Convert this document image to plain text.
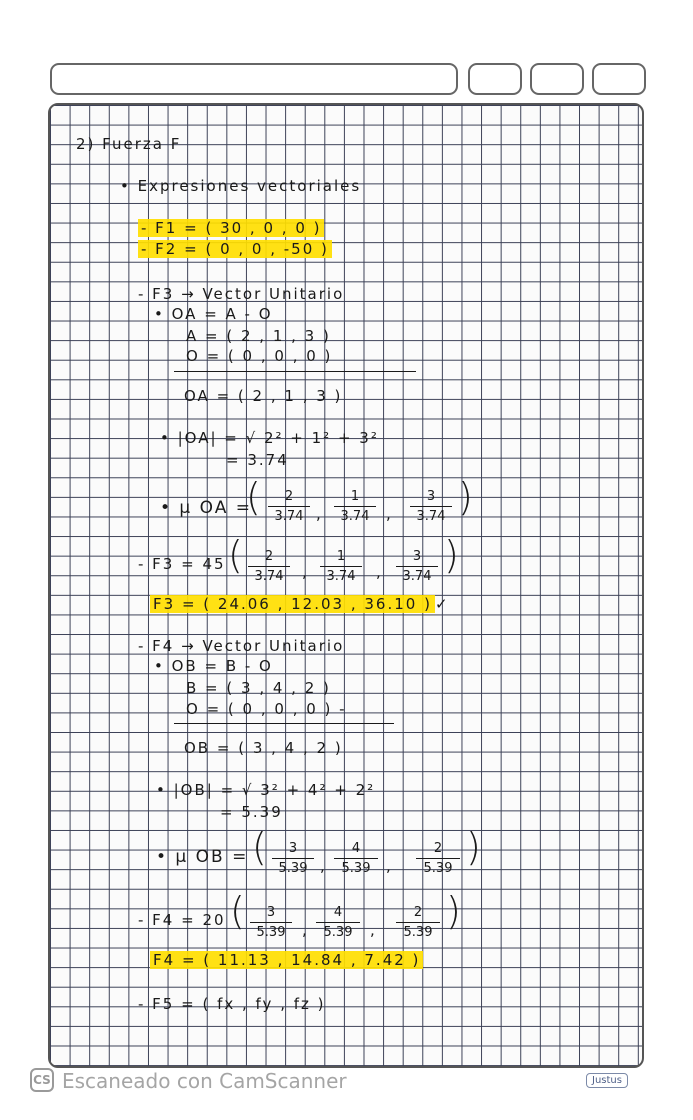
2) Fuerza F
• Expresiones vectoriales
- F1 = ( 30 , 0 , 0 )
- F2 = ( 0 , 0 , -50 )
- F3 → Vector Unitario
• OA = A - O
A = ( 2 , 1 , 3 )
O = ( 0 , 0 , 0 )
OA = ( 2 , 1 , 3 )
• |OA| = √ 2² + 1² + 3²
= 3.74
• μ OA =
( 2
3.74 ,
1
3.74 ,
3
3.74 )
- F3 = 45 ( 2
3.74 ,
1
3.74 ,
3
3.74 )
F3 = ( 24.06 , 12.03 , 36.10 ) ✓
- F4 → Vector Unitario
• OB = B - O
B = ( 3 , 4 , 2 )
O = ( 0 , 0 , 0 ) -
OB = ( 3 , 4 , 2 )
• |OB| = √ 3² + 4² + 2²
= 5.39
• μ OB = ( 3
5.39 ,
4
5.39 ,
2
5.39 )
- F4 = 20 ( 3
5.39 ,
4
5.39 ,
2
5.39 )
F4 = ( 11.13 , 14.84 , 7.42 )
- F5 = ( fx , fy , fz )
CS Escaneado con CamScanner	Justus
